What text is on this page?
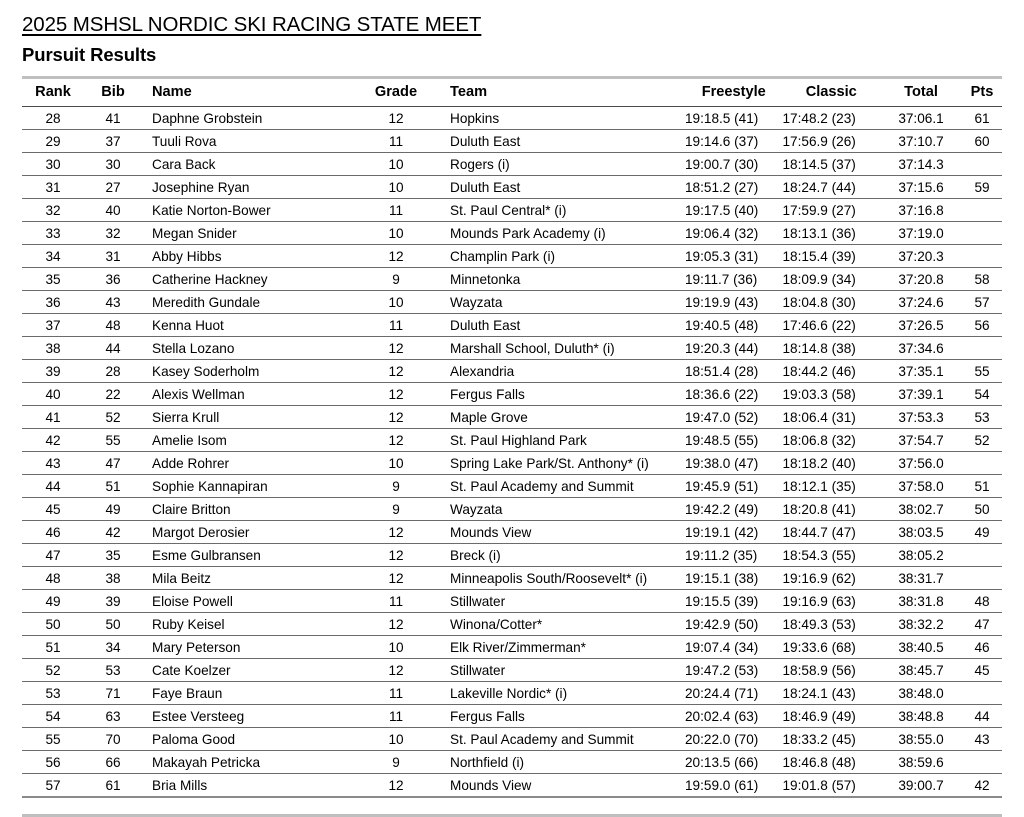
2025 MSHSL NORDIC SKI RACING STATE MEET
Pursuit Results
Rank	Bib	Name	Grade	Team	Freestyle	Classic	Total	Pts
28	41	Daphne Grobstein	12	Hopkins	19:18.5 (41)	17:48.2 (23)	37:06.1	61
29	37	Tuuli Rova	11	Duluth East	19:14.6 (37)	17:56.9 (26)	37:10.7	60
30	30	Cara Back	10	Rogers (i)	19:00.7 (30)	18:14.5 (37)	37:14.3	
31	27	Josephine Ryan	10	Duluth East	18:51.2 (27)	18:24.7 (44)	37:15.6	59
32	40	Katie Norton-Bower	11	St. Paul Central* (i)	19:17.5 (40)	17:59.9 (27)	37:16.8	
33	32	Megan Snider	10	Mounds Park Academy (i)	19:06.4 (32)	18:13.1 (36)	37:19.0	
34	31	Abby Hibbs	12	Champlin Park (i)	19:05.3 (31)	18:15.4 (39)	37:20.3	
35	36	Catherine Hackney	9	Minnetonka	19:11.7 (36)	18:09.9 (34)	37:20.8	58
36	43	Meredith Gundale	10	Wayzata	19:19.9 (43)	18:04.8 (30)	37:24.6	57
37	48	Kenna Huot	11	Duluth East	19:40.5 (48)	17:46.6 (22)	37:26.5	56
38	44	Stella Lozano	12	Marshall School, Duluth* (i)	19:20.3 (44)	18:14.8 (38)	37:34.6	
39	28	Kasey Soderholm	12	Alexandria	18:51.4 (28)	18:44.2 (46)	37:35.1	55
40	22	Alexis Wellman	12	Fergus Falls	18:36.6 (22)	19:03.3 (58)	37:39.1	54
41	52	Sierra Krull	12	Maple Grove	19:47.0 (52)	18:06.4 (31)	37:53.3	53
42	55	Amelie Isom	12	St. Paul Highland Park	19:48.5 (55)	18:06.8 (32)	37:54.7	52
43	47	Adde Rohrer	10	Spring Lake Park/St. Anthony* (i)	19:38.0 (47)	18:18.2 (40)	37:56.0	
44	51	Sophie Kannapiran	9	St. Paul Academy and Summit	19:45.9 (51)	18:12.1 (35)	37:58.0	51
45	49	Claire Britton	9	Wayzata	19:42.2 (49)	18:20.8 (41)	38:02.7	50
46	42	Margot Derosier	12	Mounds View	19:19.1 (42)	18:44.7 (47)	38:03.5	49
47	35	Esme Gulbransen	12	Breck (i)	19:11.2 (35)	18:54.3 (55)	38:05.2	
48	38	Mila Beitz	12	Minneapolis South/Roosevelt* (i)	19:15.1 (38)	19:16.9 (62)	38:31.7	
49	39	Eloise Powell	11	Stillwater	19:15.5 (39)	19:16.9 (63)	38:31.8	48
50	50	Ruby Keisel	12	Winona/Cotter*	19:42.9 (50)	18:49.3 (53)	38:32.2	47
51	34	Mary Peterson	10	Elk River/Zimmerman*	19:07.4 (34)	19:33.6 (68)	38:40.5	46
52	53	Cate Koelzer	12	Stillwater	19:47.2 (53)	18:58.9 (56)	38:45.7	45
53	71	Faye Braun	11	Lakeville Nordic* (i)	20:24.4 (71)	18:24.1 (43)	38:48.0	
54	63	Estee Versteeg	11	Fergus Falls	20:02.4 (63)	18:46.9 (49)	38:48.8	44
55	70	Paloma Good	10	St. Paul Academy and Summit	20:22.0 (70)	18:33.2 (45)	38:55.0	43
56	66	Makayah Petricka	9	Northfield (i)	20:13.5 (66)	18:46.8 (48)	38:59.6	
57	61	Bria Mills	12	Mounds View	19:59.0 (61)	19:01.8 (57)	39:00.7	42
